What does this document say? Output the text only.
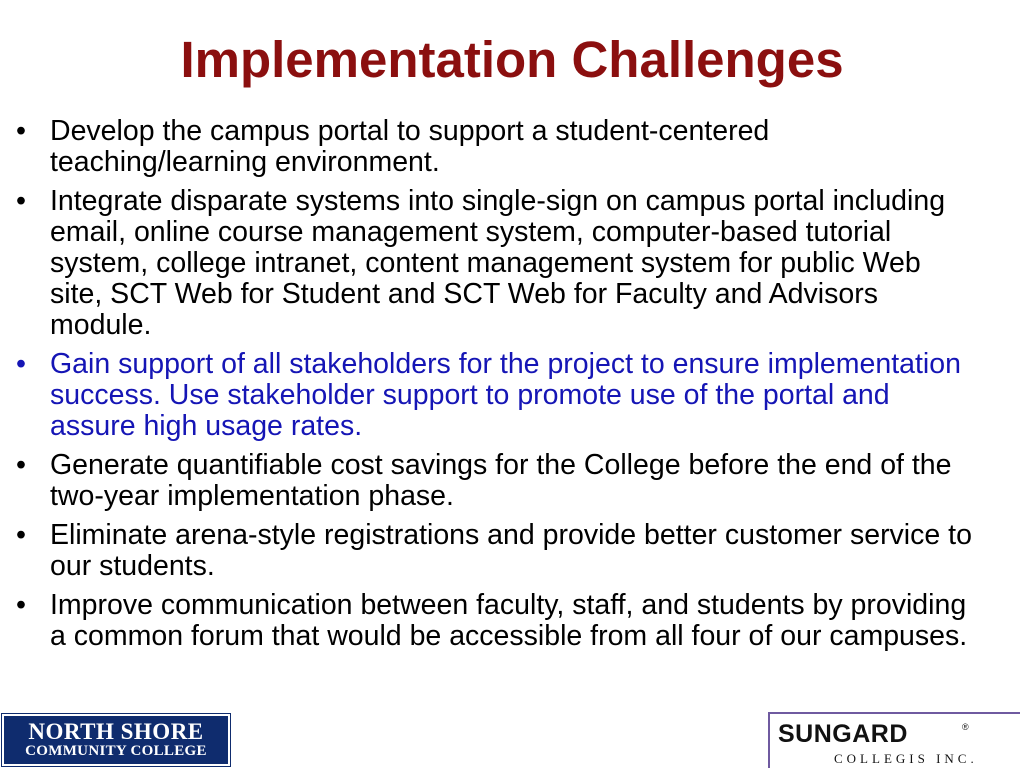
Implementation Challenges
• Develop the campus portal to support a student-centered teaching/learning environment.
• Integrate disparate systems into single-sign on campus portal including email, online course management system, computer-based tutorial system, college intranet, content management system for public Web site, SCT Web for Student and SCT Web for Faculty and Advisors module.
• Gain support of all stakeholders for the project to ensure implementation success. Use stakeholder support to promote use of the portal and assure high usage rates.
• Generate quantifiable cost savings for the College before the end of the two-year implementation phase.
• Eliminate arena-style registrations and provide better customer service to our students.
• Improve communication between faculty, staff, and students by providing a common forum that would be accessible from all four of our campuses.
NORTH SHORE
COMMUNITY COLLEGE
SUNGARD	®
COLLEGIS INC.
